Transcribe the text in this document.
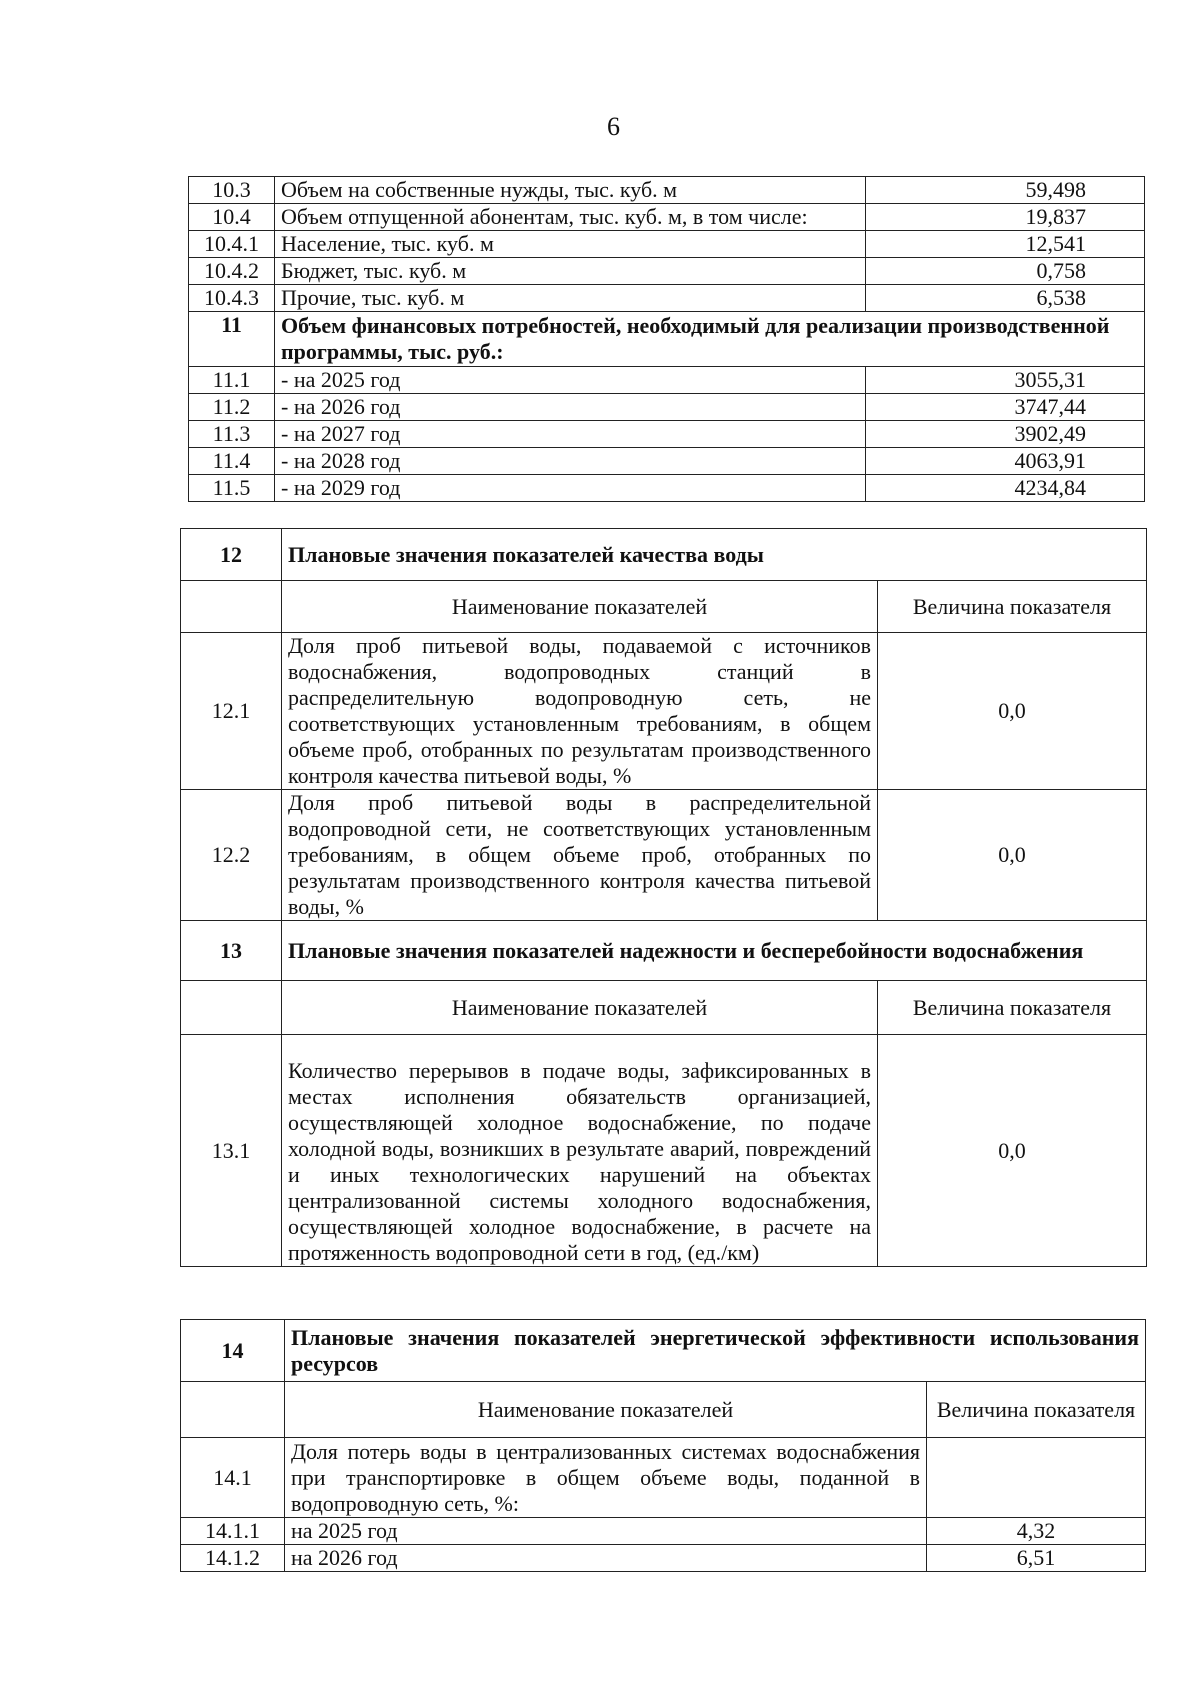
6
10.3	Объем на собственные нужды, тыс. куб. м	59,498
10.4	Объем отпущенной абонентам, тыс. куб. м, в том числе:	19,837
10.4.1	Население, тыс. куб. м	12,541
10.4.2	Бюджет, тыс. куб. м	0,758
10.4.3	Прочие, тыс. куб. м	6,538
11	Объем финансовых потребностей, необходимый для реализации производственной программы, тыс. руб.:	
11.1	- на 2025 год	3055,31
11.2	- на 2026 год	3747,44
11.3	- на 2027 год	3902,49
11.4	- на 2028 год	4063,91
11.5	- на 2029 год	4234,84
12	Плановые значения показателей качества воды	
	Наименование показателей	Величина показателя
12.1	Доля проб питьевой воды, подаваемой с источников водоснабжения, водопроводных станций в распределительную водопроводную сеть, не соответствующих установленным требованиям, в общем объеме проб, отобранных по результатам производственного контроля качества питьевой воды, %	0,0
12.2	Доля проб питьевой воды в распределительной водопроводной сети, не соответствующих установленным требованиям, в общем объеме проб, отобранных по результатам производственного контроля качества питьевой воды, %	0,0
13	Плановые значения показателей надежности и бесперебойности водоснабжения	
	Наименование показателей	Величина показателя
13.1	Количество перерывов в подаче воды, зафиксированных в местах исполнения обязательств организацией, осуществляющей холодное водоснабжение, по подаче холодной воды, возникших в результате аварий, повреждений и иных технологических нарушений на объектах централизованной системы холодного водоснабжения, осуществляющей холодное водоснабжение, в расчете на протяженность водопроводной сети в год, (ед./км)	0,0
14	Плановые значения показателей энергетической эффективности использования ресурсов	
	Наименование показателей	Величина показателя
14.1	Доля потерь воды в централизованных системах водоснабжения при транспортировке в общем объеме воды, поданной в водопроводную сеть, %:	
14.1.1	на 2025 год	4,32
14.1.2	на 2026 год	6,51
